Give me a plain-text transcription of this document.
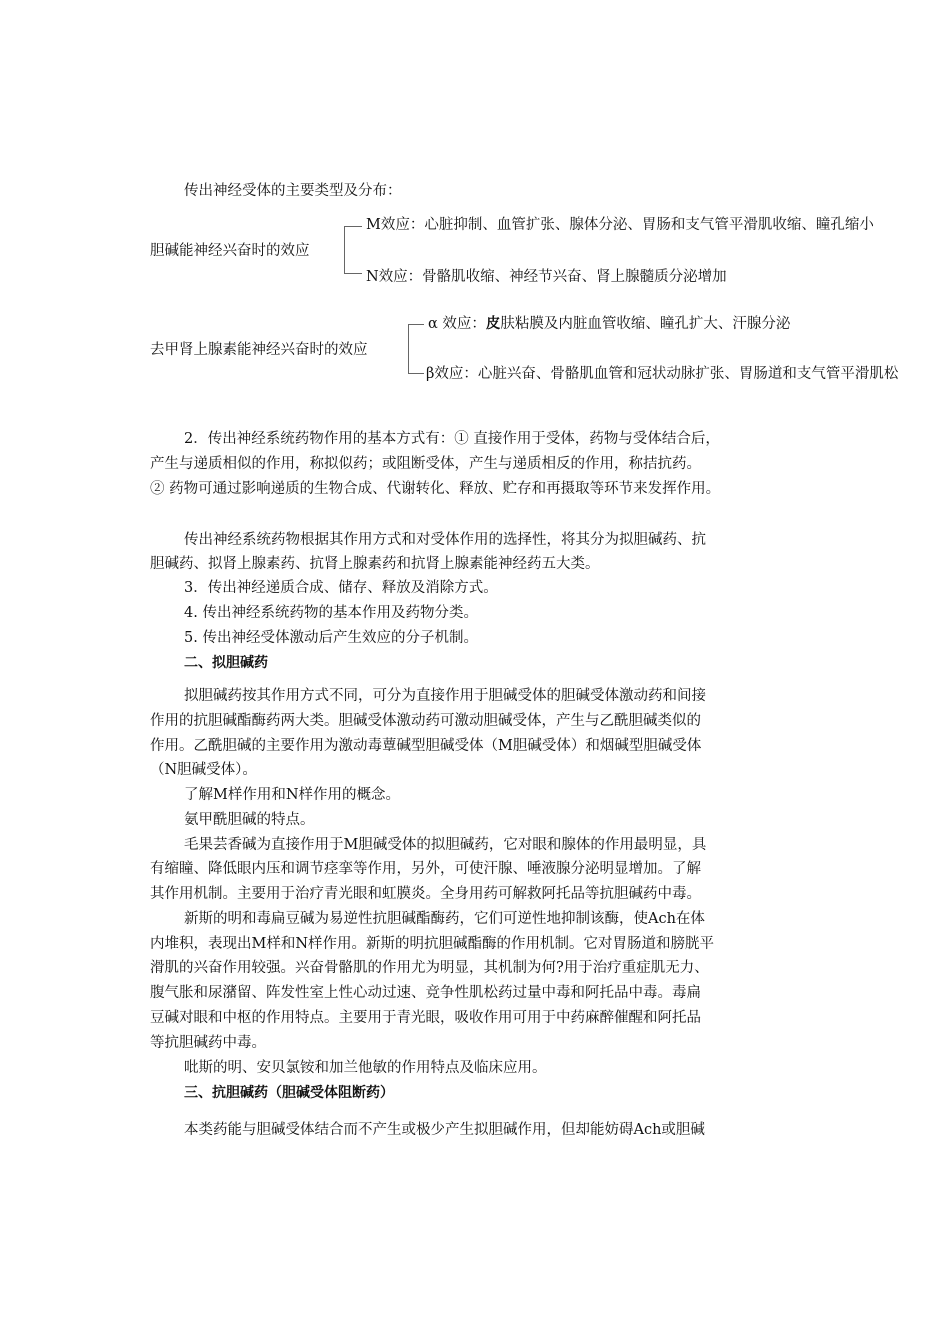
传出神经受体的主要类型及分布：
胆碱能神经兴奋时的效应
M效应：心脏抑制、血管扩张、腺体分泌、胃肠和支气管平滑肌收缩、瞳孔缩小
N效应：骨骼肌收缩、神经节兴奋、肾上腺髓质分泌增加
去甲肾上腺素能神经兴奋时的效应
α 效应：皮肤粘膜及内脏血管收缩、瞳孔扩大、汗腺分泌
β效应：心脏兴奋、骨骼肌血管和冠状动脉扩张、胃肠道和支气管平滑肌松
2．传出神经系统药物作用的基本方式有：① 直接作用于受体，药物与受体结合后，
产生与递质相似的作用，称拟似药；或阻断受体，产生与递质相反的作用，称拮抗药。
② 药物可通过影响递质的生物合成、代谢转化、释放、贮存和再摄取等环节来发挥作用。
传出神经系统药物根据其作用方式和对受体作用的选择性，将其分为拟胆碱药、抗
胆碱药、拟肾上腺素药、抗肾上腺素药和抗肾上腺素能神经药五大类。
3．传出神经递质合成、储存、释放及消除方式。
4. 传出神经系统药物的基本作用及药物分类。
5. 传出神经受体激动后产生效应的分子机制。
二、拟胆碱药
拟胆碱药按其作用方式不同，可分为直接作用于胆碱受体的胆碱受体激动药和间接
作用的抗胆碱酯酶药两大类。胆碱受体激动药可激动胆碱受体，产生与乙酰胆碱类似的
作用。乙酰胆碱的主要作用为激动毒蕈碱型胆碱受体（M胆碱受体）和烟碱型胆碱受体
（N胆碱受体）。
了解M样作用和N样作用的概念。
氨甲酰胆碱的特点。
毛果芸香碱为直接作用于M胆碱受体的拟胆碱药，它对眼和腺体的作用最明显，具
有缩瞳、降低眼内压和调节痉挛等作用，另外，可使汗腺、唾液腺分泌明显增加。了解
其作用机制。主要用于治疗青光眼和虹膜炎。全身用药可解救阿托品等抗胆碱药中毒。
新斯的明和毒扁豆碱为易逆性抗胆碱酯酶药，它们可逆性地抑制该酶，使Ach在体
内堆积，表现出M样和N样作用。新斯的明抗胆碱酯酶的作用机制。它对胃肠道和膀胱平
滑肌的兴奋作用较强。兴奋骨骼肌的作用尤为明显，其机制为何?用于治疗重症肌无力、
腹气胀和尿潴留、阵发性室上性心动过速、竞争性肌松药过量中毒和阿托品中毒。毒扁
豆碱对眼和中枢的作用特点。主要用于青光眼，吸收作用可用于中药麻醉催醒和阿托品
等抗胆碱药中毒。
吡斯的明、安贝氯铵和加兰他敏的作用特点及临床应用。
三、抗胆碱药（胆碱受体阻断药）
本类药能与胆碱受体结合而不产生或极少产生拟胆碱作用，但却能妨碍Ach或胆碱
